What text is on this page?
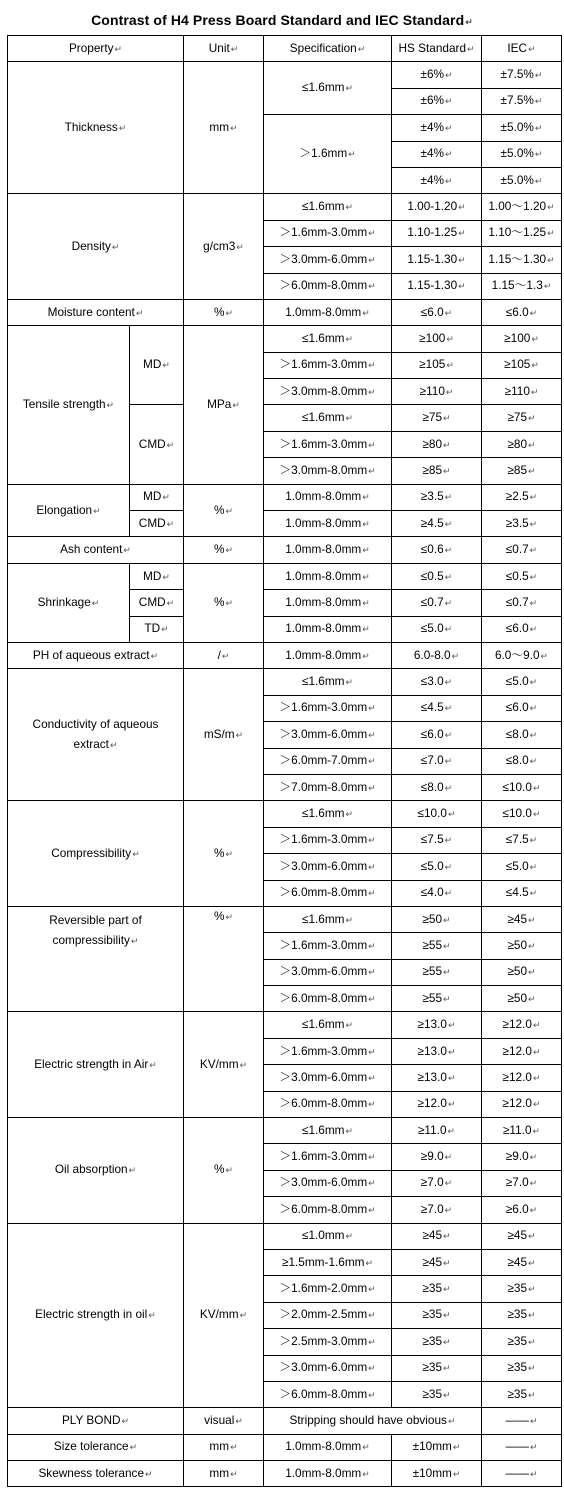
Contrast of H4 Press Board Standard and IEC Standard↵
Property↵		Unit↵	Specification↵	HS Standard↵	IEC↵
Thickness↵		mm↵	≤1.6mm↵	±6%↵	±7.5%↵
				±6%↵	±7.5%↵
			＞1.6mm↵	±4%↵	±5.0%↵
				±4%↵	±5.0%↵
				±4%↵	±5.0%↵
Density↵		g/cm3↵	≤1.6mm↵	1.00-1.20↵	1.00～1.20↵
			＞1.6mm-3.0mm↵	1.10-1.25↵	1.10～1.25↵
			＞3.0mm-6.0mm↵	1.15-1.30↵	1.15～1.30↵
			＞6.0mm-8.0mm↵	1.15-1.30↵	1.15～1.3↵
Moisture content↵		%↵	1.0mm-8.0mm↵	≤6.0↵	≤6.0↵
Tensile strength↵	MD↵	MPa↵	≤1.6mm↵	≥100↵	≥100↵
			＞1.6mm-3.0mm↵	≥105↵	≥105↵
			＞3.0mm-8.0mm↵	≥110↵	≥110↵
	CMD↵		≤1.6mm↵	≥75↵	≥75↵
			＞1.6mm-3.0mm↵	≥80↵	≥80↵
			＞3.0mm-8.0mm↵	≥85↵	≥85↵
Elongation↵	MD↵	%↵	1.0mm-8.0mm↵	≥3.5↵	≥2.5↵
	CMD↵		1.0mm-8.0mm↵	≥4.5↵	≥3.5↵
Ash content↵		%↵	1.0mm-8.0mm↵	≤0.6↵	≤0.7↵
Shrinkage↵	MD↵	%↵	1.0mm-8.0mm↵	≤0.5↵	≤0.5↵
	CMD↵		1.0mm-8.0mm↵	≤0.7↵	≤0.7↵
	TD↵		1.0mm-8.0mm↵	≤5.0↵	≤6.0↵
PH of aqueous extract↵		/↵	1.0mm-8.0mm↵	6.0-8.0↵	6.0～9.0↵
Conductivity of aqueous extract↵		mS/m↵	≤1.6mm↵	≤3.0↵	≤5.0↵
			＞1.6mm-3.0mm↵	≤4.5↵	≤6.0↵
			＞3.0mm-6.0mm↵	≤6.0↵	≤8.0↵
			＞6.0mm-7.0mm↵	≤7.0↵	≤8.0↵
			＞7.0mm-8.0mm↵	≤8.0↵	≤10.0↵
Compressibility↵		%↵	≤1.6mm↵	≤10.0↵	≤10.0↵
			＞1.6mm-3.0mm↵	≤7.5↵	≤7.5↵
			＞3.0mm-6.0mm↵	≤5.0↵	≤5.0↵
			＞6.0mm-8.0mm↵	≤4.0↵	≤4.5↵
Reversible part of compressibility↵		%↵	≤1.6mm↵	≥50↵	≥45↵
			＞1.6mm-3.0mm↵	≥55↵	≥50↵
			＞3.0mm-6.0mm↵	≥55↵	≥50↵
			＞6.0mm-8.0mm↵	≥55↵	≥50↵
Electric strength in Air↵		KV/mm↵	≤1.6mm↵	≥13.0↵	≥12.0↵
			＞1.6mm-3.0mm↵	≥13.0↵	≥12.0↵
			＞3.0mm-6.0mm↵	≥13.0↵	≥12.0↵
			＞6.0mm-8.0mm↵	≥12.0↵	≥12.0↵
Oil absorption↵		%↵	≤1.6mm↵	≥11.0↵	≥11.0↵
			＞1.6mm-3.0mm↵	≥9.0↵	≥9.0↵
			＞3.0mm-6.0mm↵	≥7.0↵	≥7.0↵
			＞6.0mm-8.0mm↵	≥7.0↵	≥6.0↵
Electric strength in oil↵		KV/mm↵	≤1.0mm↵	≥45↵	≥45↵
			≥1.5mm-1.6mm↵	≥45↵	≥45↵
			＞1.6mm-2.0mm↵	≥35↵	≥35↵
			＞2.0mm-2.5mm↵	≥35↵	≥35↵
			＞2.5mm-3.0mm↵	≥35↵	≥35↵
			＞3.0mm-6.0mm↵	≥35↵	≥35↵
			＞6.0mm-8.0mm↵	≥35↵	≥35↵
PLY BOND↵		visual↵	Stripping should have obvious↵		——↵
Size tolerance↵		mm↵	1.0mm-8.0mm↵	±10mm↵	——↵
Skewness tolerance↵		mm↵	1.0mm-8.0mm↵	±10mm↵	——↵
